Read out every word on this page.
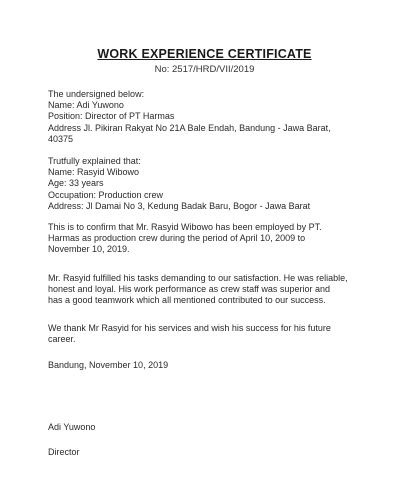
WORK EXPERIENCE CERTIFICATE
No: 2517/HRD/VII/2019
The undersigned below:
Name: Adi Yuwono
Position: Director of PT Harmas
Address Jl. Pikiran Rakyat No 21A Bale Endah, Bandung - Jawa Barat,
40375
Trutfully explained that:
Name: Rasyid Wibowo
Age: 33 years
Occupation: Production crew
Address: Jl Damai No 3, Kedung Badak Baru, Bogor - Jawa Barat
This is to confirm that Mr. Rasyid Wibowo has been employed by PT.
Harmas as production crew during the period of April 10, 2009 to
November 10, 2019.
Mr. Rasyid fulfilled his tasks demanding to our satisfaction. He was reliable,
honest and loyal. His work performance as crew staff was superior and
has a good teamwork which all mentioned contributed to our success.
We thank Mr Rasyid for his services and wish his success for his future
career.
Bandung, November 10, 2019
Adi Yuwono
Director
